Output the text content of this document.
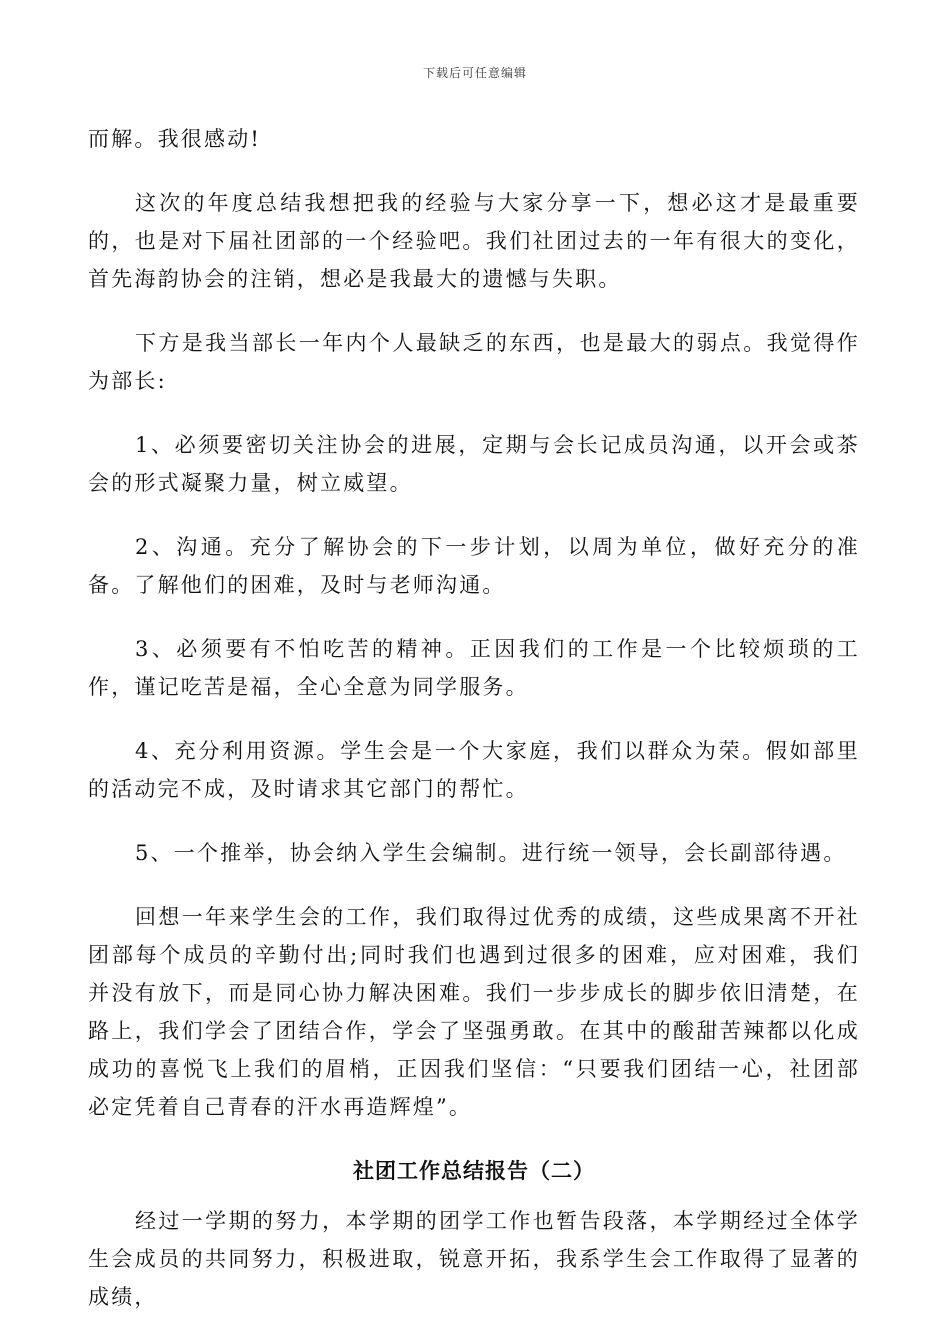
下载后可任意编辑

而解。我很感动!

这次的年度总结我想把我的经验与大家分享一下，想必这才是最重要的，也是对下届社团部的一个经验吧。我们社团过去的一年有很大的变化，首先海韵协会的注销，想必是我最大的遗憾与失职。

下方是我当部长一年内个人最缺乏的东西，也是最大的弱点。我觉得作为部长:

1、必须要密切关注协会的进展，定期与会长记成员沟通，以开会或茶会的形式凝聚力量，树立威望。

2、沟通。充分了解协会的下一步计划，以周为单位，做好充分的准备。了解他们的困难，及时与老师沟通。

3、必须要有不怕吃苦的精神。正因我们的工作是一个比较烦琐的工作，谨记吃苦是福，全心全意为同学服务。

4、充分利用资源。学生会是一个大家庭，我们以群众为荣。假如部里的活动完不成，及时请求其它部门的帮忙。

5、一个推举，协会纳入学生会编制。进行统一领导，会长副部待遇。

回想一年来学生会的工作，我们取得过优秀的成绩，这些成果离不开社团部每个成员的辛勤付出;同时我们也遇到过很多的困难，应对困难，我们并没有放下，而是同心协力解决困难。我们一步步成长的脚步依旧清楚，在路上，我们学会了团结合作，学会了坚强勇敢。在其中的酸甜苦辣都以化成成功的喜悦飞上我们的眉梢，正因我们坚信：“只要我们团结一心，社团部必定凭着自己青春的汗水再造辉煌”。

社团工作总结报告（二）

经过一学期的努力，本学期的团学工作也暂告段落，本学期经过全体学生会成员的共同努力，积极进取，锐意开拓，我系学生会工作取得了显著的成绩，
